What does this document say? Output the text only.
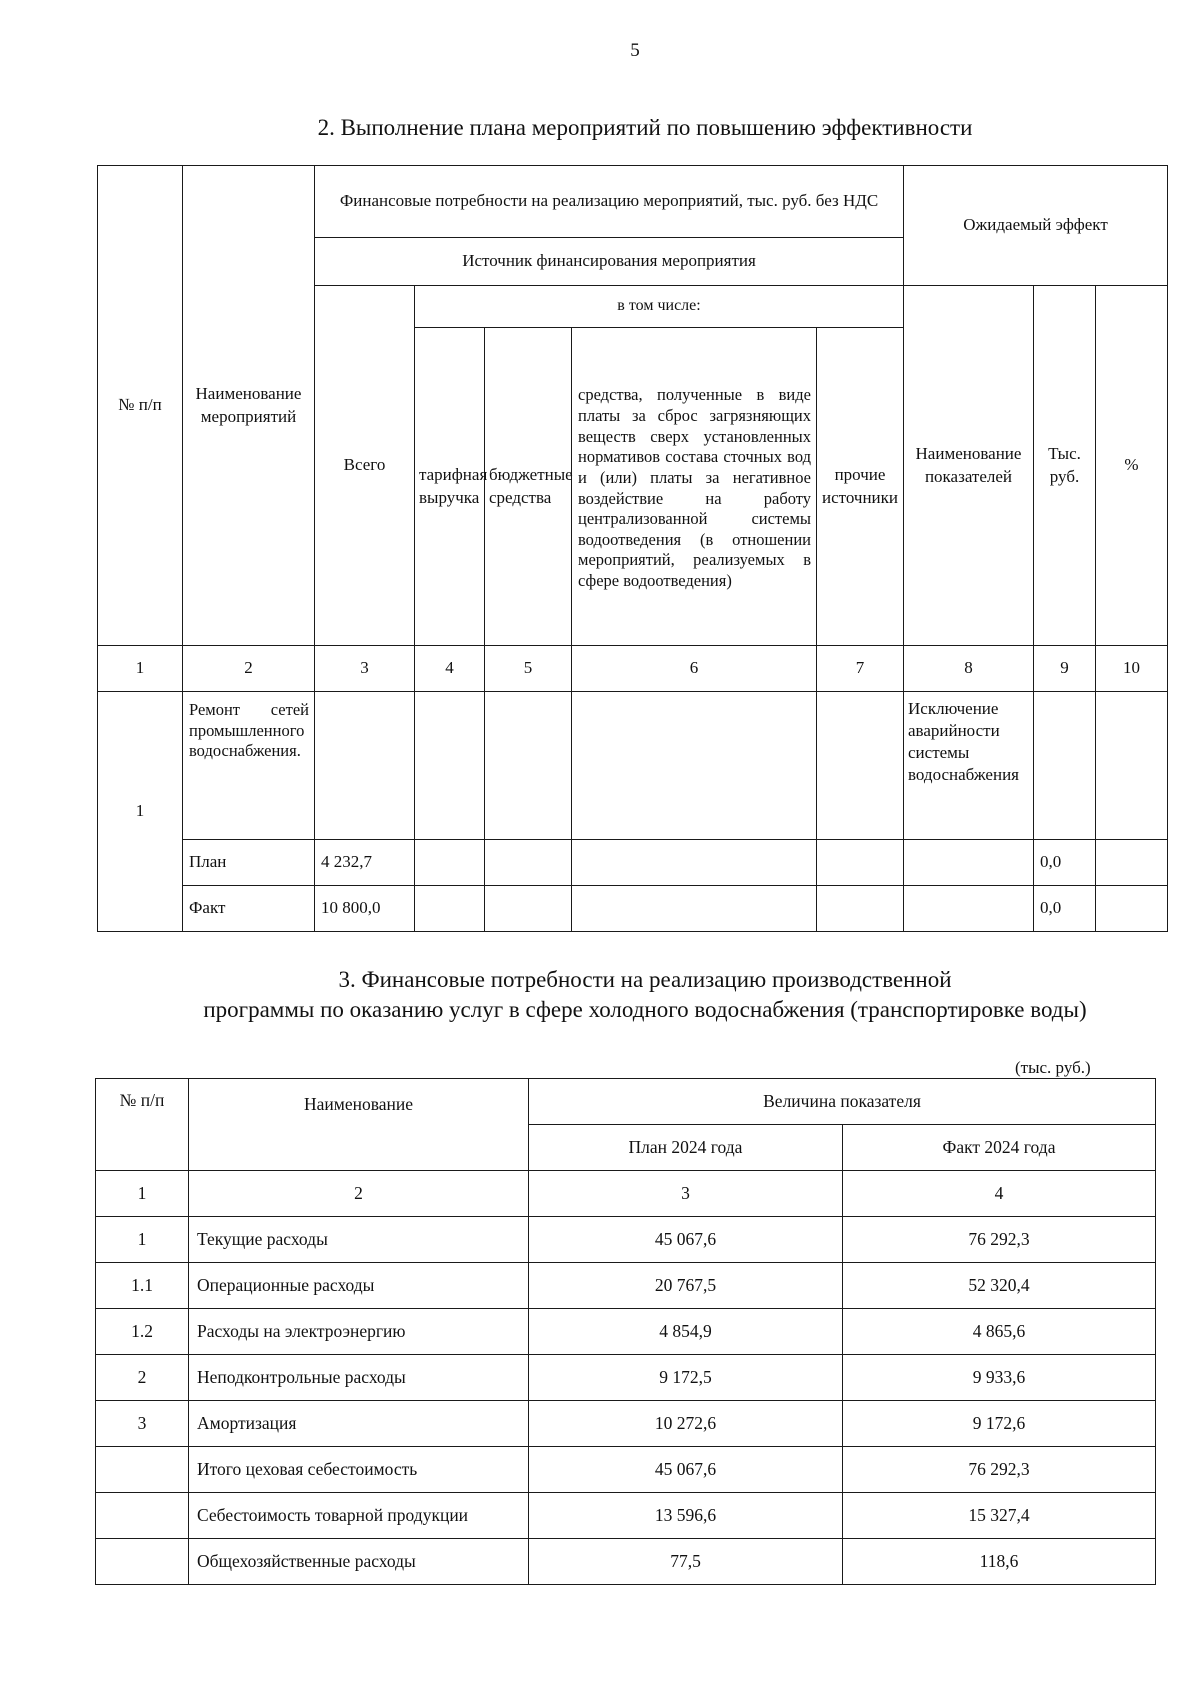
5
2. Выполнение плана мероприятий по повышению эффективности
№ п/п	Наименование мероприятий	Финансовые потребности на реализацию мероприятий, тыс. руб. без НДС					Ожидаемый эффект		
		Источник финансирования мероприятия							
		Всего	в том числе:				Наименование показателей	Тыс. руб.	%
			тарифная выручка	бюджетные средства	средства, полученные в виде платы за сброс загрязняющих веществ сверх установленных нормативов состава сточных вод и (или) платы за негативное воздействие на работу централизованной системы водоотведения (в отношении мероприятий, реализуемых в сфере водоотведения)	прочие источники			
1	2	3	4	5	6	7	8	9	10
1	Ремонт сетей промышленного водоснабжения.						Исключение аварийности системы водоснабжения		
	План	4 232,7						0,0	
	Факт	10 800,0						0,0	
3. Финансовые потребности на реализацию производственной
программы по оказанию услуг в сфере холодного водоснабжения (транспортировке воды)
(тыс. руб.)
№ п/п	Наименование	Величина показателя	
		План 2024 года	Факт 2024 года
1	2	3	4
1	Текущие расходы	45 067,6	76 292,3
1.1	Операционные расходы	20 767,5	52 320,4
1.2	Расходы на электроэнергию	4 854,9	4 865,6
2	Неподконтрольные расходы	9 172,5	9 933,6
3	Амортизация	10 272,6	9 172,6
	Итого цеховая себестоимость	45 067,6	76 292,3
	Себестоимость товарной продукции	13 596,6	15 327,4
	Общехозяйственные расходы	77,5	118,6
